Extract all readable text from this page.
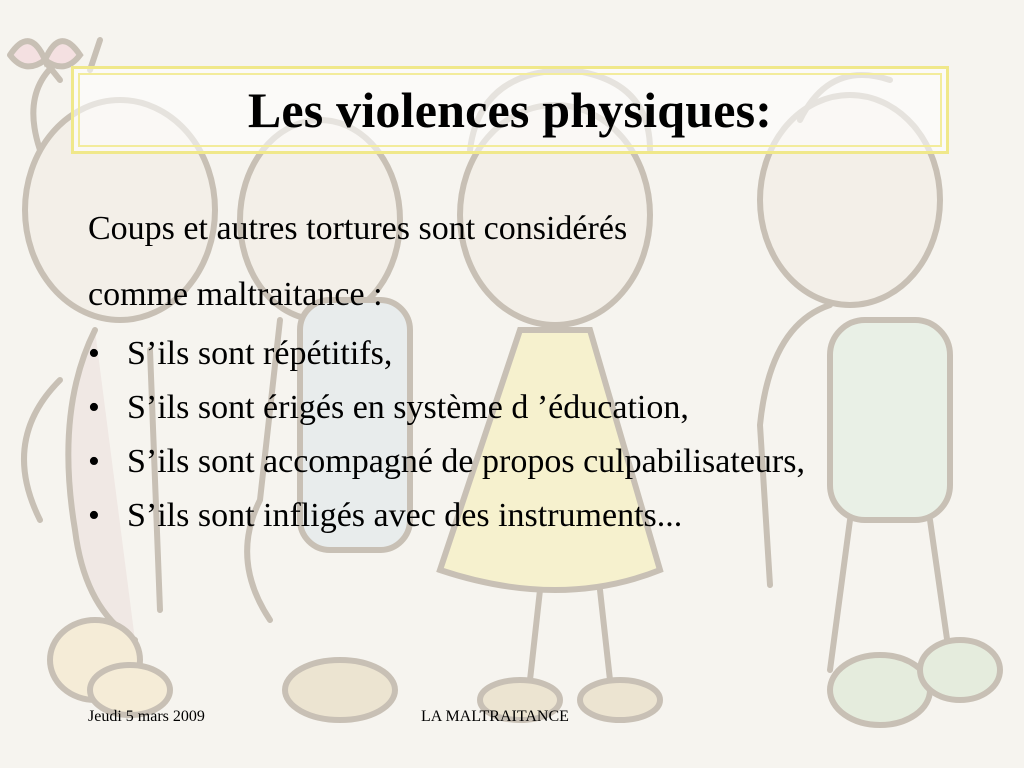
Les violences physiques:
Coups et autres tortures sont considérés
comme maltraitance :
• S’ils sont répétitifs,
• S’ils sont érigés en système d ’éducation,
• S’ils sont accompagné de propos culpabilisateurs,
• S’ils sont infligés avec des instruments...
Jeudi 5 mars 2009	LA MALTRAITANCE
